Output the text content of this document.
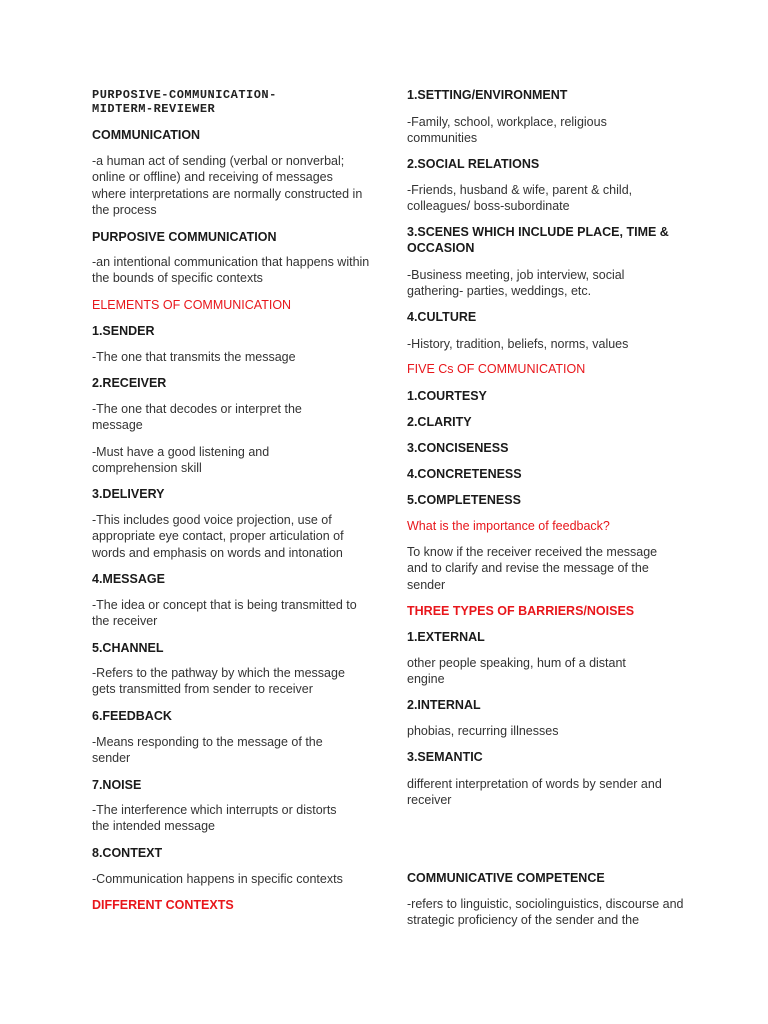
PURPOSIVE-COMMUNICATION-MIDTERM-REVIEWER

COMMUNICATION

-a human act of sending (verbal or nonverbal; online or offline) and receiving of messages where interpretations are normally constructed in the process

PURPOSIVE COMMUNICATION

-an intentional communication that happens within the bounds of specific contexts

ELEMENTS OF COMMUNICATION

1.SENDER

-The one that transmits the message

2.RECEIVER

-The one that decodes or interpret the message

-Must have a good listening and comprehension skill

3.DELIVERY

-This includes good voice projection, use of appropriate eye contact, proper articulation of words and emphasis on words and intonation

4.MESSAGE

-The idea or concept that is being transmitted to the receiver

5.CHANNEL

-Refers to the pathway by which the message gets transmitted from sender to receiver

6.FEEDBACK

-Means responding to the message of the sender

7.NOISE

-The interference which interrupts or distorts the intended message

8.CONTEXT

-Communication happens in specific contexts

DIFFERENT CONTEXTS

1.SETTING/ENVIRONMENT

-Family, school, workplace, religious communities

2.SOCIAL RELATIONS

-Friends, husband & wife, parent & child, colleagues/ boss-subordinate

3.SCENES WHICH INCLUDE PLACE, TIME & OCCASION

-Business meeting, job interview, social gathering- parties, weddings, etc.

4.CULTURE

-History, tradition, beliefs, norms, values

FIVE Cs OF COMMUNICATION

1.COURTESY

2.CLARITY

3.CONCISENESS

4.CONCRETENESS

5.COMPLETENESS

What is the importance of feedback?

To know if the receiver received the message and to clarify and revise the message of the sender

THREE TYPES OF BARRIERS/NOISES

1.EXTERNAL

other people speaking, hum of a distant engine

2.INTERNAL

phobias, recurring illnesses

3.SEMANTIC

different interpretation of words by sender and receiver

COMMUNICATIVE COMPETENCE

-refers to linguistic, sociolinguistics, discourse and strategic proficiency of the sender and the
